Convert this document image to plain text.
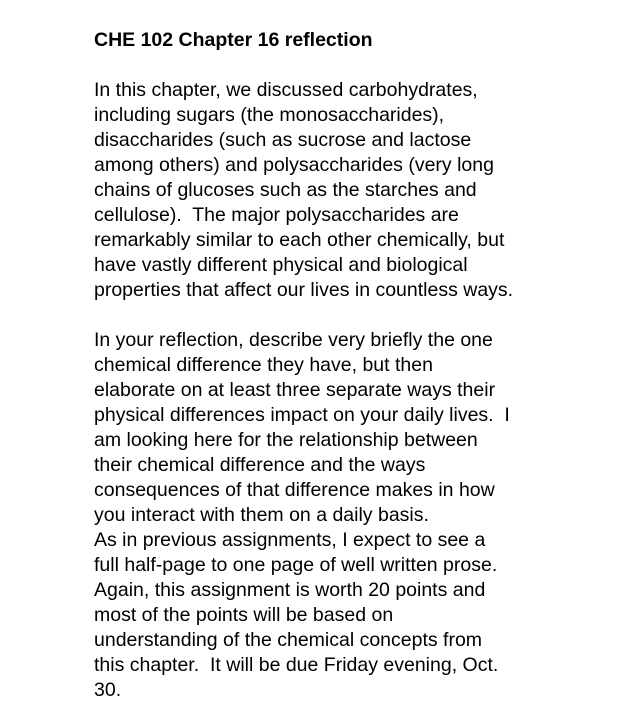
CHE 102 Chapter 16 reflection
In this chapter, we discussed carbohydrates,
including sugars (the monosaccharides),
disaccharides (such as sucrose and lactose
among others) and polysaccharides (very long
chains of glucoses such as the starches and
cellulose).  The major polysaccharides are
remarkably similar to each other chemically, but
have vastly different physical and biological
properties that affect our lives in countless ways.
In your reflection, describe very briefly the one
chemical difference they have, but then
elaborate on at least three separate ways their
physical differences impact on your daily lives.  I
am looking here for the relationship between
their chemical difference and the ways
consequences of that difference makes in how
you interact with them on a daily basis.
As in previous assignments, I expect to see a
full half-page to one page of well written prose.
Again, this assignment is worth 20 points and
most of the points will be based on
understanding of the chemical concepts from
this chapter.  It will be due Friday evening, Oct.
30.
